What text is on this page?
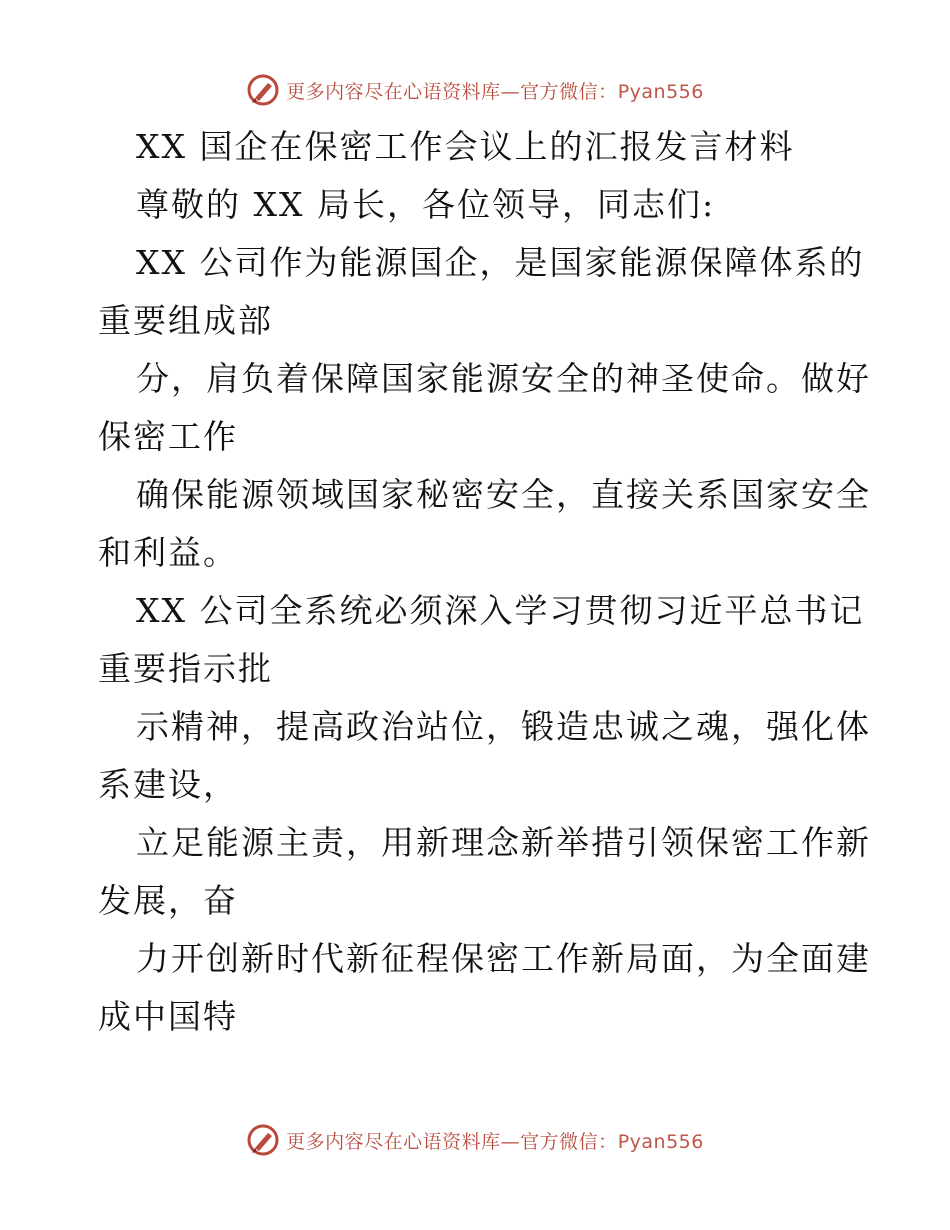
更多内容尽在心语资料库—官方微信：Pyan556
XX 国企在保密工作会议上的汇报发言材料
尊敬的 XX 局长，各位领导，同志们:
XX 公司作为能源国企，是国家能源保障体系的
重要组成部
分，肩负着保障国家能源安全的神圣使命。做好
保密工作
确保能源领域国家秘密安全，直接关系国家安全
和利益。
XX 公司全系统必须深入学习贯彻习近平总书记
重要指示批
示精神，提高政治站位，锻造忠诚之魂，强化体
系建设，
立足能源主责，用新理念新举措引领保密工作新
发展，奋
力开创新时代新征程保密工作新局面，为全面建
成中国特
更多内容尽在心语资料库—官方微信：Pyan556
